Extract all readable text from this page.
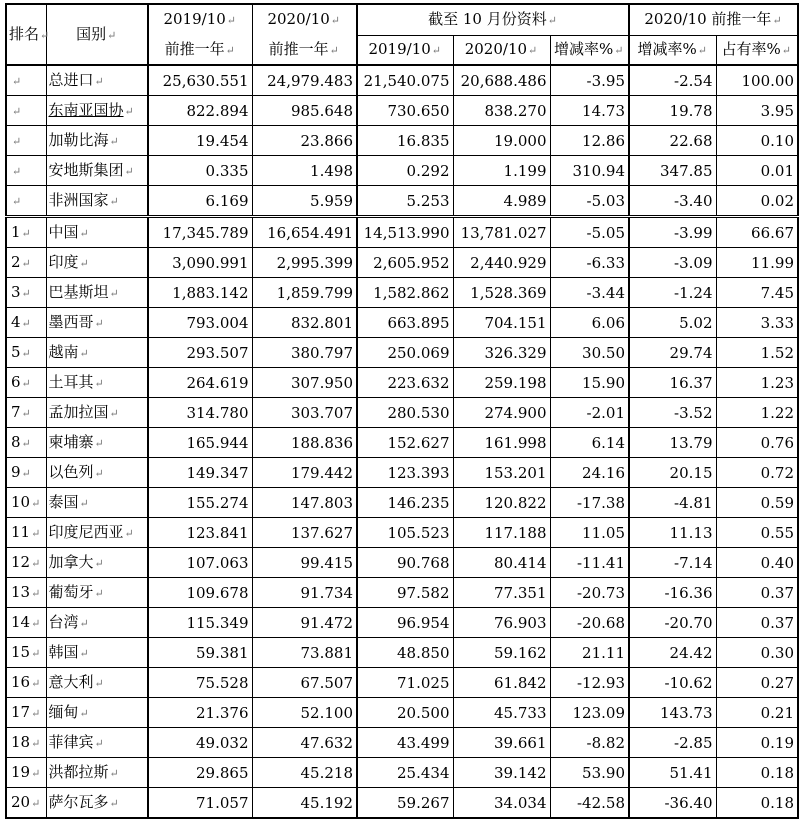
排名↵	国别↵	2019/10↵	2020/10↵	截至 10 月份资料↵			2020/10 前推一年↵	
		前推一年↵	前推一年↵	2019/10↵	2020/10↵	增减率%↵	增减率%↵	占有率%↵
↵	总进口↵	25,630.551	24,979.483	21,540.075	20,688.486	-3.95	-2.54	100.00
↵	东南亚国协↵	822.894	985.648	730.650	838.270	14.73	19.78	3.95
↵	加勒比海↵	19.454	23.866	16.835	19.000	12.86	22.68	0.10
↵	安地斯集团↵	0.335	1.498	0.292	1.199	310.94	347.85	0.01
↵	非洲国家↵	6.169	5.959	5.253	4.989	-5.03	-3.40	0.02
1↵	中国↵	17,345.789	16,654.491	14,513.990	13,781.027	-5.05	-3.99	66.67
2↵	印度↵	3,090.991	2,995.399	2,605.952	2,440.929	-6.33	-3.09	11.99
3↵	巴基斯坦↵	1,883.142	1,859.799	1,582.862	1,528.369	-3.44	-1.24	7.45
4↵	墨西哥↵	793.004	832.801	663.895	704.151	6.06	5.02	3.33
5↵	越南↵	293.507	380.797	250.069	326.329	30.50	29.74	1.52
6↵	土耳其↵	264.619	307.950	223.632	259.198	15.90	16.37	1.23
7↵	孟加拉国↵	314.780	303.707	280.530	274.900	-2.01	-3.52	1.22
8↵	柬埔寨↵	165.944	188.836	152.627	161.998	6.14	13.79	0.76
9↵	以色列↵	149.347	179.442	123.393	153.201	24.16	20.15	0.72
10↵	泰国↵	155.274	147.803	146.235	120.822	-17.38	-4.81	0.59
11↵	印度尼西亚↵	123.841	137.627	105.523	117.188	11.05	11.13	0.55
12↵	加拿大↵	107.063	99.415	90.768	80.414	-11.41	-7.14	0.40
13↵	葡萄牙↵	109.678	91.734	97.582	77.351	-20.73	-16.36	0.37
14↵	台湾↵	115.349	91.472	96.954	76.903	-20.68	-20.70	0.37
15↵	韩国↵	59.381	73.881	48.850	59.162	21.11	24.42	0.30
16↵	意大利↵	75.528	67.507	71.025	61.842	-12.93	-10.62	0.27
17↵	缅甸↵	21.376	52.100	20.500	45.733	123.09	143.73	0.21
18↵	菲律宾↵	49.032	47.632	43.499	39.661	-8.82	-2.85	0.19
19↵	洪都拉斯↵	29.865	45.218	25.434	39.142	53.90	51.41	0.18
20↵	萨尔瓦多↵	71.057	45.192	59.267	34.034	-42.58	-36.40	0.18
